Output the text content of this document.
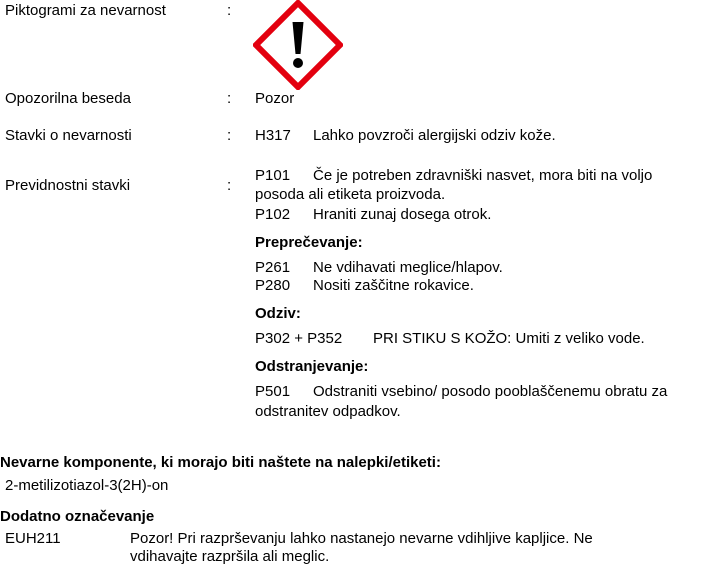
Piktogrami za nevarnost	:
Opozorilna beseda	: Pozor
Stavki o nevarnosti	: H317 Lahko povzroči alergijski odziv kože.
Previdnostni stavki	:
P101 Če je potreben zdravniški nasvet, mora biti na voljo
posoda ali etiketa proizvoda.
P102 Hraniti zunaj dosega otrok.
Preprečevanje:
P261 Ne vdihavati meglice/hlapov.
P280 Nositi zaščitne rokavice.
Odziv:
P302 + P352 PRI STIKU S KOŽO: Umiti z veliko vode.
Odstranjevanje:
P501 Odstraniti vsebino/ posodo pooblaščenemu obratu za
odstranitev odpadkov.
Nevarne komponente, ki morajo biti naštete na nalepki/etiketi:
2-metilizotiazol-3(2H)-on
Dodatno označevanje
EUH211	Pozor! Pri razprševanju lahko nastanejo nevarne vdihljive kapljice. Ne
vdihavajte razpršila ali meglic.
